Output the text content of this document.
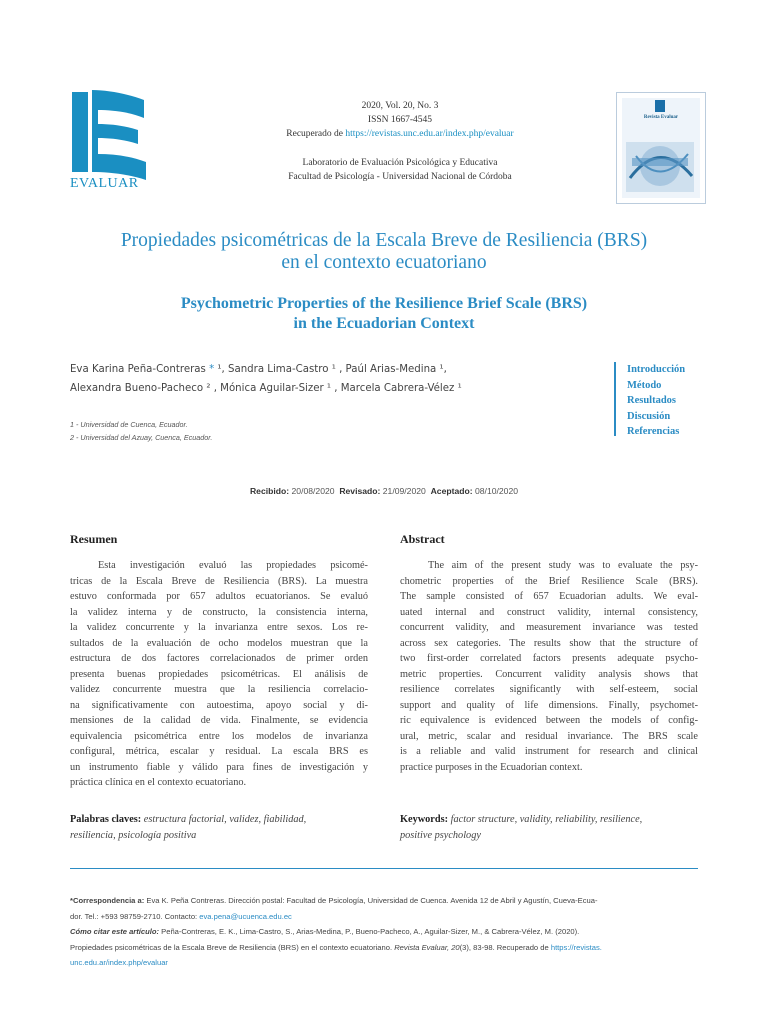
EVALUAR
2020, Vol. 20, No. 3
ISSN 1667-4545
Recuperado de https://revistas.unc.edu.ar/index.php/evaluar
Laboratorio de Evaluación Psicológica y Educativa
Facultad de Psicología - Universidad Nacional de Córdoba
Revista Evaluar
Propiedades psicométricas de la Escala Breve de Resiliencia (BRS)
en el contexto ecuatoriano
Psychometric Properties of the Resilience Brief Scale (BRS)
in the Ecuadorian Context
Eva Karina Peña-Contreras * ¹, Sandra Lima-Castro ¹ , Paúl Arias-Medina ¹,
Alexandra Bueno-Pacheco ² , Mónica Aguilar-Sizer ¹ , Marcela Cabrera-Vélez ¹
1 - Universidad de Cuenca, Ecuador.
2 - Universidad del Azuay, Cuenca, Ecuador.
Introducción
Método
Resultados
Discusión
Referencias
Recibido: 20/08/2020 Revisado: 21/09/2020 Aceptado: 08/10/2020
Resumen
Esta investigación evaluó las propiedades psicomé-
tricas de la Escala Breve de Resiliencia (BRS). La muestra
estuvo conformada por 657 adultos ecuatorianos. Se evaluó
la validez interna y de constructo, la consistencia interna,
la validez concurrente y la invarianza entre sexos. Los re-
sultados de la evaluación de ocho modelos muestran que la
estructura de dos factores correlacionados de primer orden
presenta buenas propiedades psicométricas. El análisis de
validez concurrente muestra que la resiliencia correlacio-
na significativamente con autoestima, apoyo social y di-
mensiones de la calidad de vida. Finalmente, se evidencia
equivalencia psicométrica entre los modelos de invarianza
configural, métrica, escalar y residual. La escala BRS es
un instrumento fiable y válido para fines de investigación y
práctica clínica en el contexto ecuatoriano.
Palabras claves: estructura factorial, validez, fiabilidad,
resiliencia, psicología positiva
Abstract
The aim of the present study was to evaluate the psy-
chometric properties of the Brief Resilience Scale (BRS).
The sample consisted of 657 Ecuadorian adults. We eval-
uated internal and construct validity, internal consistency,
concurrent validity, and measurement invariance was tested
across sex categories. The results show that the structure of
two first-order correlated factors presents adequate psycho-
metric properties. Concurrent validity analysis shows that
resilience correlates significantly with self-esteem, social
support and quality of life dimensions. Finally, psychomet-
ric equivalence is evidenced between the models of config-
ural, metric, scalar and residual invariance. The BRS scale
is a reliable and valid instrument for research and clinical
practice purposes in the Ecuadorian context.
Keywords: factor structure, validity, reliability, resilience,
positive psychology
*Correspondencia a: Eva K. Peña Contreras. Dirección postal: Facultad de Psicología, Universidad de Cuenca. Avenida 12 de Abril y Agustín, Cueva-Ecua-
dor. Tel.: +593 98759-2710. Contacto: eva.pena@ucuenca.edu.ec
Cómo citar este artículo: Peña-Contreras, E. K., Lima-Castro, S., Arias-Medina, P., Bueno-Pacheco, A., Aguilar-Sizer, M., & Cabrera-Vélez, M. (2020).
Propiedades psicométricas de la Escala Breve de Resiliencia (BRS) en el contexto ecuatoriano. Revista Evaluar, 20(3), 83-98. Recuperado de https://revistas.
unc.edu.ar/index.php/evaluar
